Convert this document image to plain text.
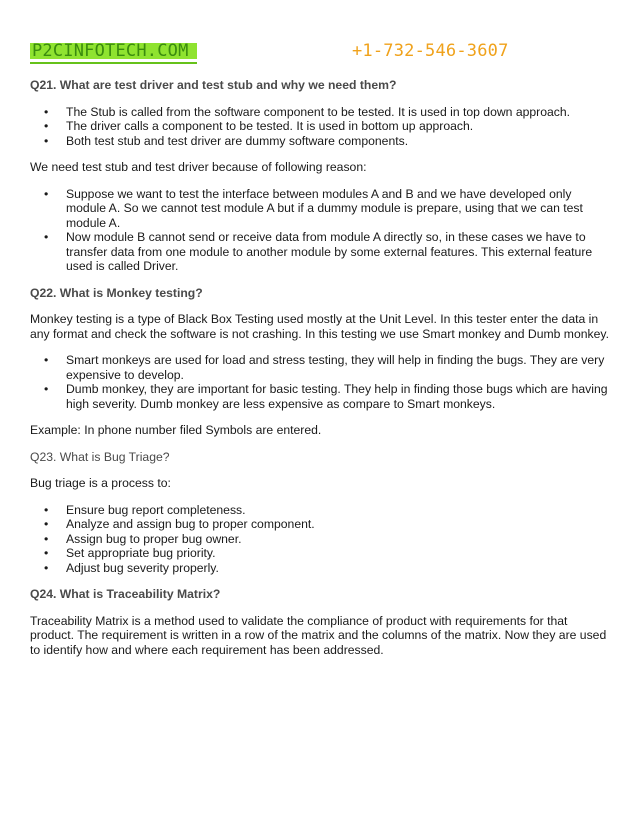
P2CINFOTECH.COM	+1-732-546-3607
Q21. What are test driver and test stub and why we need them?
• The Stub is called from the software component to be tested. It is used in top down approach.
• The driver calls a component to be tested. It is used in bottom up approach.
• Both test stub and test driver are dummy software components.

We need test stub and test driver because of following reason:

• Suppose we want to test the interface between modules A and B and we have developed only module A. So we cannot test module A but if a dummy module is prepare, using that we can test module A.
• Now module B cannot send or receive data from module A directly so, in these cases we have to transfer data from one module to another module by some external features. This external feature used is called Driver.
Q22. What is Monkey testing?

Monkey testing is a type of Black Box Testing used mostly at the Unit Level. In this tester enter the data in any format and check the software is not crashing. In this testing we use Smart monkey and Dumb monkey.

• Smart monkeys are used for load and stress testing, they will help in finding the bugs. They are very expensive to develop.
• Dumb monkey, they are important for basic testing. They help in finding those bugs which are having high severity. Dumb monkey are less expensive as compare to Smart monkeys.

Example: In phone number filed Symbols are entered.

Q23. What is Bug Triage?

Bug triage is a process to:

• Ensure bug report completeness.
• Analyze and assign bug to proper component.
• Assign bug to proper bug owner.
• Set appropriate bug priority.
• Adjust bug severity properly.
Q24. What is Traceability Matrix?

Traceability Matrix is a method used to validate the compliance of product with requirements for that product. The requirement is written in a row of the matrix and the columns of the matrix. Now they are used to identify how and where each requirement has been addressed.
